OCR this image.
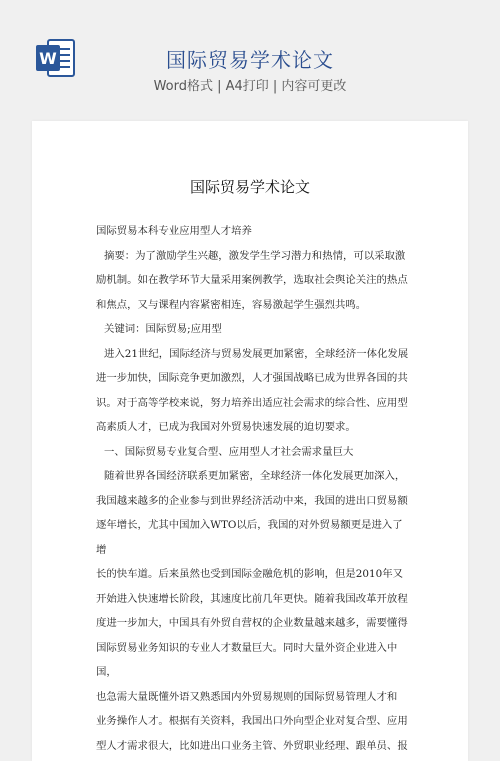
W	国际贸易学术论文
Word格式 | A4打印 | 内容可更改
国际贸易学术论文

国际贸易本科专业应用型人才培养

摘要：为了激励学生兴趣，激发学生学习潜力和热情，可以采取激

励机制。如在教学环节大量采用案例教学，选取社会舆论关注的热点

和焦点，又与课程内容紧密相连，容易激起学生强烈共鸣。

关键词：国际贸易;应用型

进入21世纪，国际经济与贸易发展更加紧密，全球经济一体化发展

进一步加快，国际竞争更加激烈，人才强国战略已成为世界各国的共

识。对于高等学校来说，努力培养出适应社会需求的综合性、应用型

高素质人才，已成为我国对外贸易快速发展的迫切要求。

一、国际贸易专业复合型、应用型人才社会需求量巨大

随着世界各国经济联系更加紧密，全球经济一体化发展更加深入，

我国越来越多的企业参与到世界经济活动中来，我国的进出口贸易额

逐年增长，尤其中国加入WTO以后，我国的对外贸易额更是进入了增

长的快车道。后来虽然也受到国际金融危机的影响，但是2010年又

开始进入快速增长阶段，其速度比前几年更快。随着我国改革开放程

度进一步加大，中国具有外贸自营权的企业数量越来越多，需要懂得

国际贸易业务知识的专业人才数量巨大。同时大量外资企业进入中国，

也急需大量既懂外语又熟悉国内外贸易规则的国际贸易管理人才和

业务操作人才。根据有关资料，我国出口外向型企业对复合型、应用

型人才需求很大，比如进出口业务主管、外贸职业经理、跟单员、报
